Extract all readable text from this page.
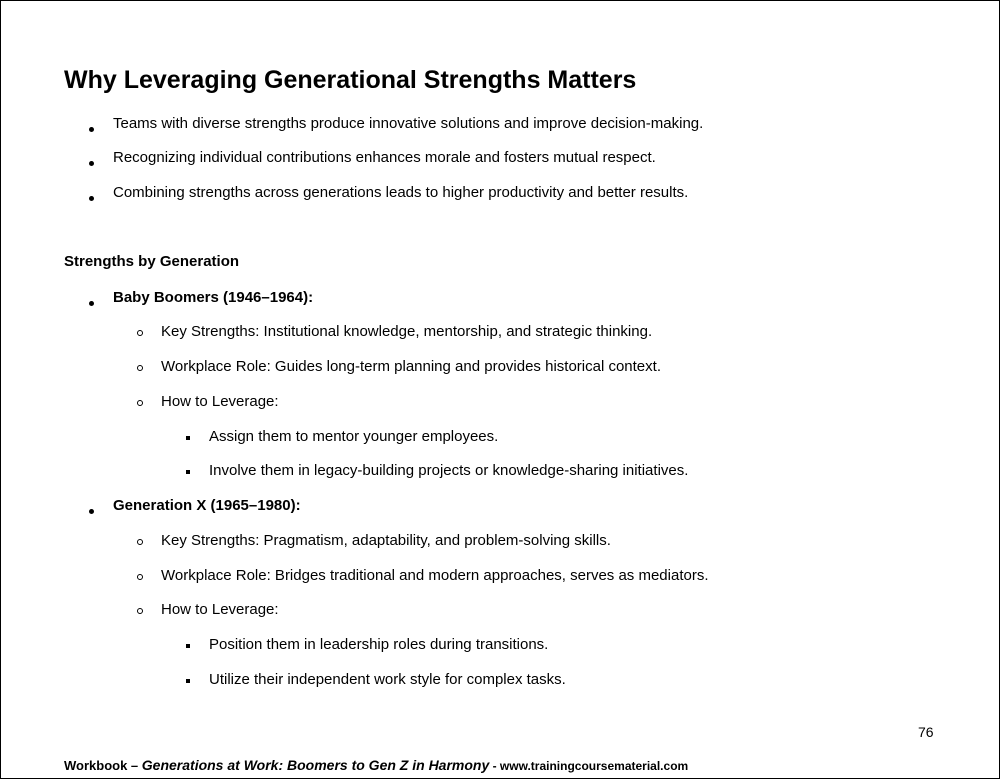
Why Leveraging Generational Strengths Matters
Teams with diverse strengths produce innovative solutions and improve decision-making.
Recognizing individual contributions enhances morale and fosters mutual respect.
Combining strengths across generations leads to higher productivity and better results.
Strengths by Generation
Baby Boomers (1946–1964):
Key Strengths: Institutional knowledge, mentorship, and strategic thinking.
Workplace Role: Guides long-term planning and provides historical context.
How to Leverage:
Assign them to mentor younger employees.
Involve them in legacy-building projects or knowledge-sharing initiatives.
Generation X (1965–1980):
Key Strengths: Pragmatism, adaptability, and problem-solving skills.
Workplace Role: Bridges traditional and modern approaches, serves as mediators.
How to Leverage:
Position them in leadership roles during transitions.
Utilize their independent work style for complex tasks.
76
Workbook – Generations at Work: Boomers to Gen Z in Harmony - www.trainingcoursematerial.com
